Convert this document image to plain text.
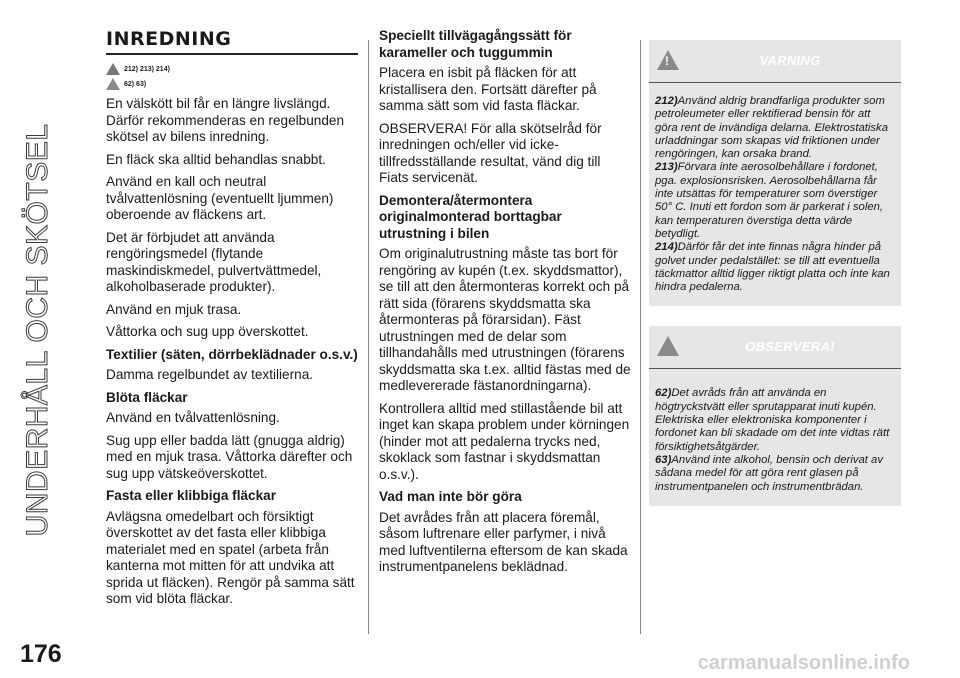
UNDERHÅLL OCH SKÖTSEL
176	carmanualsonline.info
INREDNING
212) 213) 214)
62) 63)

En välskött bil får en längre livslängd. Därför rekommenderas en regelbunden skötsel av bilens inredning.

En fläck ska alltid behandlas snabbt.

Använd en kall och neutral tvålvattenlösning (eventuellt ljummen) oberoende av fläckens art.

Det är förbjudet att använda rengöringsmedel (flytande maskindiskmedel, pulvertvättmedel, alkoholbaserade produkter).

Använd en mjuk trasa.

Våttorka och sug upp överskottet.

Textilier (säten, dörrbeklädnader o.s.v.)

Damma regelbundet av textilierna.

Blöta fläckar

Använd en tvålvattenlösning.

Sug upp eller badda lätt (gnugga aldrig) med en mjuk trasa. Våttorka därefter och sug upp vätskeöverskottet.

Fasta eller klibbiga fläckar

Avlägsna omedelbart och försiktigt överskottet av det fasta eller klibbiga materialet med en spatel (arbeta från kanterna mot mitten för att undvika att sprida ut fläcken). Rengör på samma sätt som vid blöta fläckar.

Speciellt tillvägagångssätt för karameller och tuggummin

Placera en isbit på fläcken för att kristallisera den. Fortsätt därefter på samma sätt som vid fasta fläckar.

OBSERVERA! För alla skötselråd för inredningen och/eller vid icke-tillfredsställande resultat, vänd dig till Fiats servicenät.

Demontera/återmontera originalmonterad borttagbar utrustning i bilen

Om originalutrustning måste tas bort för rengöring av kupén (t.ex. skyddsmattor), se till att den återmonteras korrekt och på rätt sida (förarens skyddsmatta ska återmonteras på förarsidan). Fäst utrustningen med de delar som tillhandahålls med utrustningen (förarens skyddsmatta ska t.ex. alltid fästas med de medlevererade fästanordningarna).

Kontrollera alltid med stillastående bil att inget kan skapa problem under körningen (hinder mot att pedalerna trycks ned, skoklack som fastnar i skyddsmattan o.s.v.).

Vad man inte bör göra

Det avrådes från att placera föremål, såsom luftrenare eller parfymer, i nivå med luftventilerna eftersom de kan skada instrumentpanelens beklädnad.

!	VARNING
212)Använd aldrig brandfarliga produkter som petroleumeter eller rektifierad bensin för att göra rent de invändiga delarna. Elektrostatiska urladdningar som skapas vid friktionen under rengöringen, kan orsaka brand.
213)Förvara inte aerosolbehållare i fordonet, pga. explosionsrisken. Aerosolbehållarna får inte utsättas för temperaturer som överstiger 50° C. Inuti ett fordon som är parkerat i solen, kan temperaturen överstiga detta värde betydligt.
214)Därför får det inte finnas några hinder på golvet under pedalstället: se till att eventuella täckmattor alltid ligger riktigt platta och inte kan hindra pedalerna.
OBSERVERA!
62)Det avråds från att använda en högtryckstvätt eller sprutapparat inuti kupén. Elektriska eller elektroniska komponenter i fordonet kan bli skadade om det inte vidtas rätt försiktighetsåtgärder.
63)Använd inte alkohol, bensin och derivat av sådana medel för att göra rent glasen på instrumentpanelen och instrumentbrädan.
